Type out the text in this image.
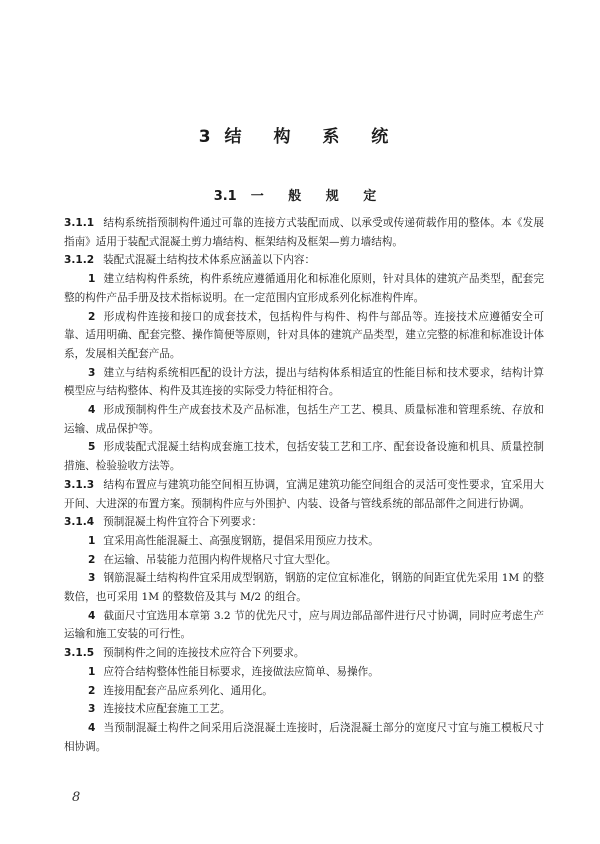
3 结 构 系 统
3.1 一 般 规 定

3.1.1 结构系统指预制构件通过可靠的连接方式装配而成、以承受或传递荷载作用的整体。本《发展指南》适用于装配式混凝土剪力墙结构、框架结构及框架—剪力墙结构。

3.1.2 装配式混凝土结构技术体系应涵盖以下内容：

1 建立结构构件系统，构件系统应遵循通用化和标准化原则，针对具体的建筑产品类型，配套完整的构件产品手册及技术指标说明。在一定范围内宜形成系列化标准构件库。

2 形成构件连接和接口的成套技术，包括构件与构件、构件与部品等。连接技术应遵循安全可靠、适用明确、配套完整、操作简便等原则，针对具体的建筑产品类型，建立完整的标准和标准设计体系，发展相关配套产品。

3 建立与结构系统相匹配的设计方法，提出与结构体系相适宜的性能目标和技术要求，结构计算模型应与结构整体、构件及其连接的实际受力特征相符合。

4 形成预制构件生产成套技术及产品标准，包括生产工艺、模具、质量标准和管理系统、存放和运输、成品保护等。

5 形成装配式混凝土结构成套施工技术，包括安装工艺和工序、配套设备设施和机具、质量控制措施、检验验收方法等。

3.1.3 结构布置应与建筑功能空间相互协调，宜满足建筑功能空间组合的灵活可变性要求，宜采用大开间、大进深的布置方案。预制构件应与外围护、内装、设备与管线系统的部品部件之间进行协调。

3.1.4 预制混凝土构件宜符合下列要求：

1 宜采用高性能混凝土、高强度钢筋，提倡采用预应力技术。

2 在运输、吊装能力范围内构件规格尺寸宜大型化。

3 钢筋混凝土结构构件宜采用成型钢筋，钢筋的定位宜标准化，钢筋的间距宜优先采用 1M 的整数倍，也可采用 1M 的整数倍及其与 M/2 的组合。

4 截面尺寸宜选用本章第 3.2 节的优先尺寸，应与周边部品部件进行尺寸协调，同时应考虑生产运输和施工安装的可行性。

3.1.5 预制构件之间的连接技术应符合下列要求。

1 应符合结构整体性能目标要求，连接做法应简单、易操作。

2 连接用配套产品应系列化、通用化。

3 连接技术应配套施工工艺。

4 当预制混凝土构件之间采用后浇混凝土连接时，后浇混凝土部分的宽度尺寸宜与施工模板尺寸相协调。

8
